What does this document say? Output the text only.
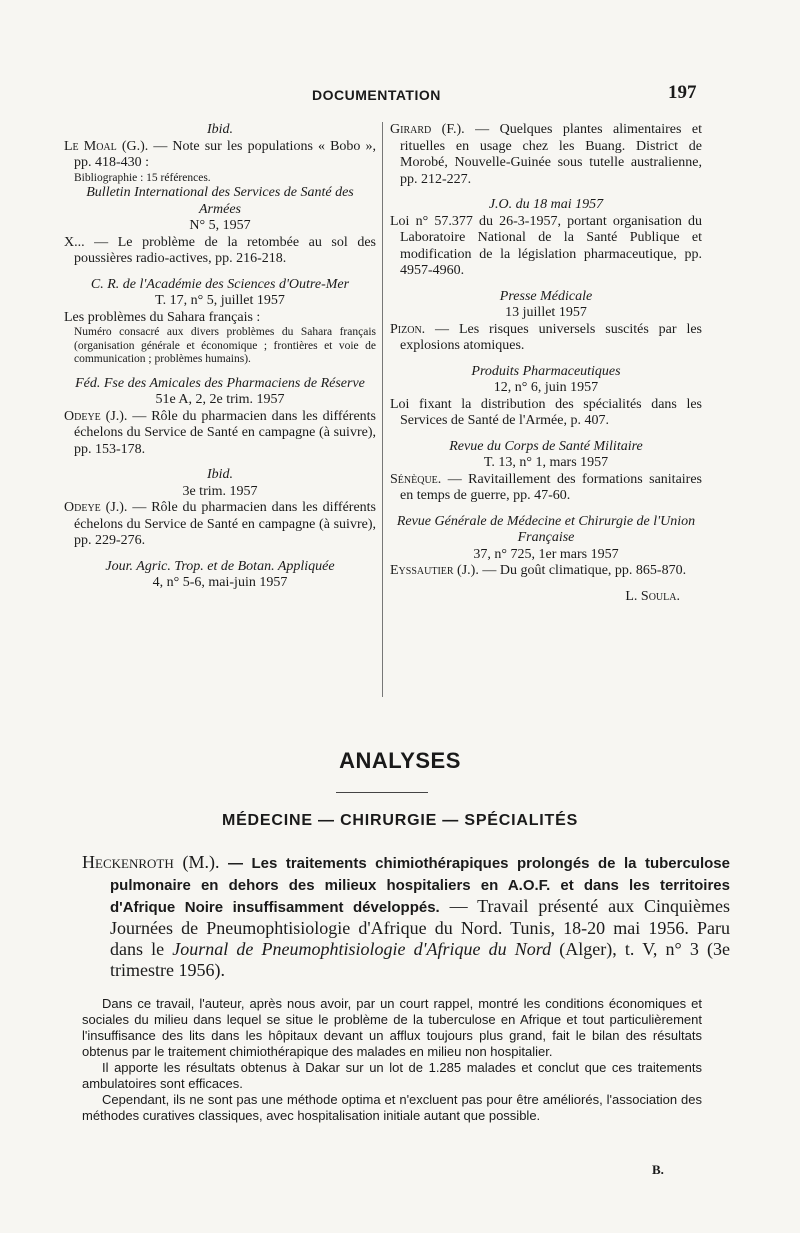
DOCUMENTATION	197

Ibid.

Le Moal (G.). — Note sur les populations « Bobo », pp. 418-430 :

Bibliographie : 15 références.

Bulletin International des Services de Santé des Armées

N° 5, 1957

X... — Le problème de la retombée au sol des poussières radio-actives, pp. 216-218.

C. R. de l'Académie des Sciences d'Outre-Mer

T. 17, n° 5, juillet 1957

Les problèmes du Sahara français :

Numéro consacré aux divers problèmes du Sahara français (organisation générale et économique ; frontières et voie de communication ; problèmes humains).

Féd. Fse des Amicales des Pharmaciens de Réserve

51e A, 2, 2e trim. 1957

Odeye (J.). — Rôle du pharmacien dans les différents échelons du Service de Santé en campagne (à suivre), pp. 153-178.

Ibid.

3e trim. 1957

Odeye (J.). — Rôle du pharmacien dans les différents échelons du Service de Santé en campagne (à suivre), pp. 229-276.

Jour. Agric. Trop. et de Botan. Appliquée

4, n° 5-6, mai-juin 1957

Girard (F.). — Quelques plantes alimentaires et rituelles en usage chez les Buang. District de Morobé, Nouvelle-Guinée sous tutelle australienne, pp. 212-227.

J.O. du 18 mai 1957

Loi n° 57.377 du 26-3-1957, portant organisation du Laboratoire National de la Santé Publique et modification de la législation pharmaceutique, pp. 4957-4960.

Presse Médicale

13 juillet 1957

Pizon. — Les risques universels suscités par les explosions atomiques.

Produits Pharmaceutiques

12, n° 6, juin 1957

Loi fixant la distribution des spécialités dans les Services de Santé de l'Armée, p. 407.

Revue du Corps de Santé Militaire

T. 13, n° 1, mars 1957

Sénèque. — Ravitaillement des formations sanitaires en temps de guerre, pp. 47-60.

Revue Générale de Médecine et Chirurgie de l'Union Française

37, n° 725, 1er mars 1957

Eyssautier (J.). — Du goût climatique, pp. 865-870.

L. Soula.

ANALYSES
MÉDECINE — CHIRURGIE — SPÉCIALITÉS
Heckenroth (M.). — Les traitements chimiothérapiques prolongés de la tuberculose pulmonaire en dehors des milieux hospitaliers en A.O.F. et dans les territoires d'Afrique Noire insuffisamment développés. — Travail présenté aux Cinquièmes Journées de Pneumophtisiologie d'Afrique du Nord. Tunis, 18-20 mai 1956. Paru dans le Journal de Pneumophtisiologie d'Afrique du Nord (Alger), t. V, n° 3 (3e trimestre 1956).

Dans ce travail, l'auteur, après nous avoir, par un court rappel, montré les conditions économiques et sociales du milieu dans lequel se situe le problème de la tuberculose en Afrique et tout particulièrement l'insuffisance des lits dans les hôpitaux devant un afflux toujours plus grand, fait le bilan des résultats obtenus par le traitement chimiothérapique des malades en milieu non hospitalier.

Il apporte les résultats obtenus à Dakar sur un lot de 1.285 malades et conclut que ces traitements ambulatoires sont efficaces.

Cependant, ils ne sont pas une méthode optima et n'excluent pas pour être améliorés, l'association des méthodes curatives classiques, avec hospitalisation initiale autant que possible.

B.
